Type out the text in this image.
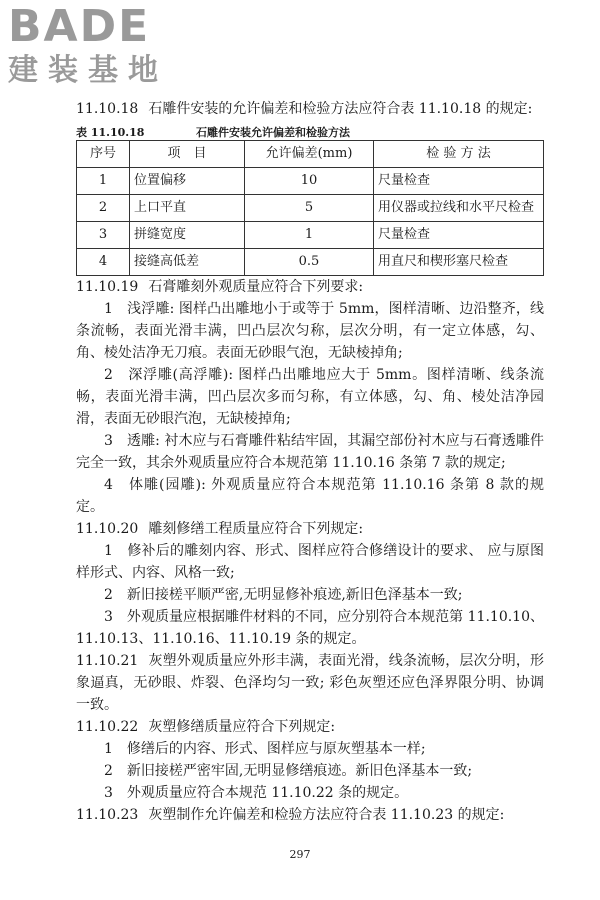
BADE
建装基地

11.10.18 石雕件安装的允许偏差和检验方法应符合表 11.10.18 的规定:

表 11.10.18	石雕件安装允许偏差和检验方法
序号	项　目	允许偏差(mm)	检 验 方 法
1	位置偏移	10	尺量检查
2	上口平直	5	用仪器或拉线和水平尺检查
3	拼缝宽度	1	尺量检查
4	接缝高低差	0.5	用直尺和楔形塞尺检查

11.10.19 石膏雕刻外观质量应符合下列要求:

1　浅浮雕: 图样凸出雕地小于或等于 5mm，图样清晰、边沿整齐，线条流畅，表面光滑丰满，凹凸层次匀称，层次分明，有一定立体感，勾、角、棱处洁净无刀痕。表面无砂眼气泡，无缺棱掉角;

2　深浮雕(高浮雕): 图样凸出雕地应大于 5mm。图样清晰、线条流畅，表面光滑丰满，凹凸层次多而匀称，有立体感，勾、角、棱处洁净园滑，表面无砂眼汽泡，无缺棱掉角;

3　透雕: 衬木应与石膏雕件粘结牢固，其漏空部份衬木应与石膏透雕件完全一致，其余外观质量应符合本规范第 11.10.16 条第 7 款的规定;

4　体雕(园雕): 外观质量应符合本规范第 11.10.16 条第 8 款的规定。

11.10.20 雕刻修缮工程质量应符合下列规定:

1　修补后的雕刻内容、形式、图样应符合修缮设计的要求、 应与原图样形式、内容、风格一致;

2　新旧接槎平顺严密,无明显修补痕迹,新旧色泽基本一致;

3　外观质量应根据雕件材料的不同，应分别符合本规范第 11.10.10、11.10.13、11.10.16、11.10.19 条的规定。

11.10.21 灰塑外观质量应外形丰满，表面光滑，线条流畅，层次分明，形象逼真，无砂眼、炸裂、色泽均匀一致; 彩色灰塑还应色泽界限分明、协调一致。

11.10.22 灰塑修缮质量应符合下列规定:

1　修缮后的内容、形式、图样应与原灰塑基本一样;

2　新旧接槎严密牢固,无明显修缮痕迹。新旧色泽基本一致;

3　外观质量应符合本规范 11.10.22 条的规定。

11.10.23 灰塑制作允许偏差和检验方法应符合表 11.10.23 的规定:

297
